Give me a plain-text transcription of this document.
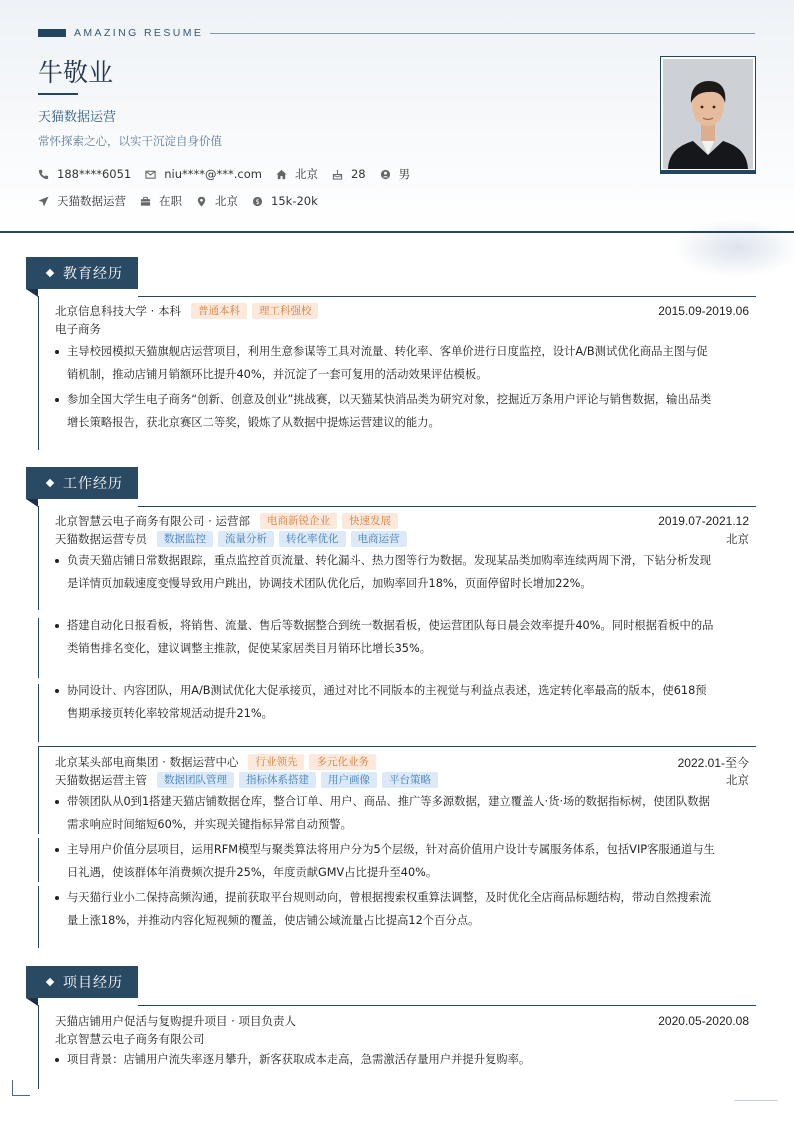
AMAZING RESUME
牛敬业
天猫数据运营
常怀探索之心，以实干沉淀自身价值
188****6051	niu****@***.com	北京	28	男
天猫数据运营	在职	北京 $ 15k-20k
教育经历
北京信息科技大学 · 本科	普通本科	理工科强校	2015.09-2019.06
电子商务
主导校园模拟天猫旗舰店运营项目，利用生意参谋等工具对流量、转化率、客单价进行日度监控，设计A/B测试优化商品主图与促
销机制，推动店铺月销额环比提升40%，并沉淀了一套可复用的活动效果评估模板。
参加全国大学生电子商务“创新、创意及创业”挑战赛，以天猫某快消品类为研究对象，挖掘近万条用户评论与销售数据，输出品类
增长策略报告，获北京赛区二等奖，锻炼了从数据中提炼运营建议的能力。
工作经历
北京智慧云电子商务有限公司 · 运营部	电商新锐企业	快速发展	2019.07-2021.12
天猫数据运营专员	数据监控	流量分析	转化率优化	电商运营	北京
负责天猫店铺日常数据跟踪，重点监控首页流量、转化漏斗、热力图等行为数据。发现某品类加购率连续两周下滑，下钻分析发现
是详情页加载速度变慢导致用户跳出，协调技术团队优化后，加购率回升18%，页面停留时长增加22%。
搭建自动化日报看板，将销售、流量、售后等数据整合到统一数据看板，使运营团队每日晨会效率提升40%。同时根据看板中的品
类销售排名变化，建议调整主推款，促使某家居类目月销环比增长35%。
协同设计、内容团队，用A/B测试优化大促承接页，通过对比不同版本的主视觉与利益点表述，选定转化率最高的版本，使618预
售期承接页转化率较常规活动提升21%。
北京某头部电商集团 · 数据运营中心	行业领先	多元化业务	2022.01-至今
天猫数据运营主管	数据团队管理	指标体系搭建	用户画像	平台策略	北京
带领团队从0到1搭建天猫店铺数据仓库，整合订单、用户、商品、推广等多源数据，建立覆盖人·货·场的数据指标树，使团队数据
需求响应时间缩短60%，并实现关键指标异常自动预警。
主导用户价值分层项目，运用RFM模型与聚类算法将用户分为5个层级，针对高价值用户设计专属服务体系，包括VIP客服通道与生
日礼遇，使该群体年消费频次提升25%，年度贡献GMV占比提升至40%。
与天猫行业小二保持高频沟通，提前获取平台规则动向，曾根据搜索权重算法调整，及时优化全店商品标题结构，带动自然搜索流
量上涨18%，并推动内容化短视频的覆盖，使店铺公域流量占比提高12个百分点。
项目经历
天猫店铺用户促活与复购提升项目 · 项目负责人	2020.05-2020.08
北京智慧云电子商务有限公司
项目背景：店铺用户流失率逐月攀升，新客获取成本走高，急需激活存量用户并提升复购率。
